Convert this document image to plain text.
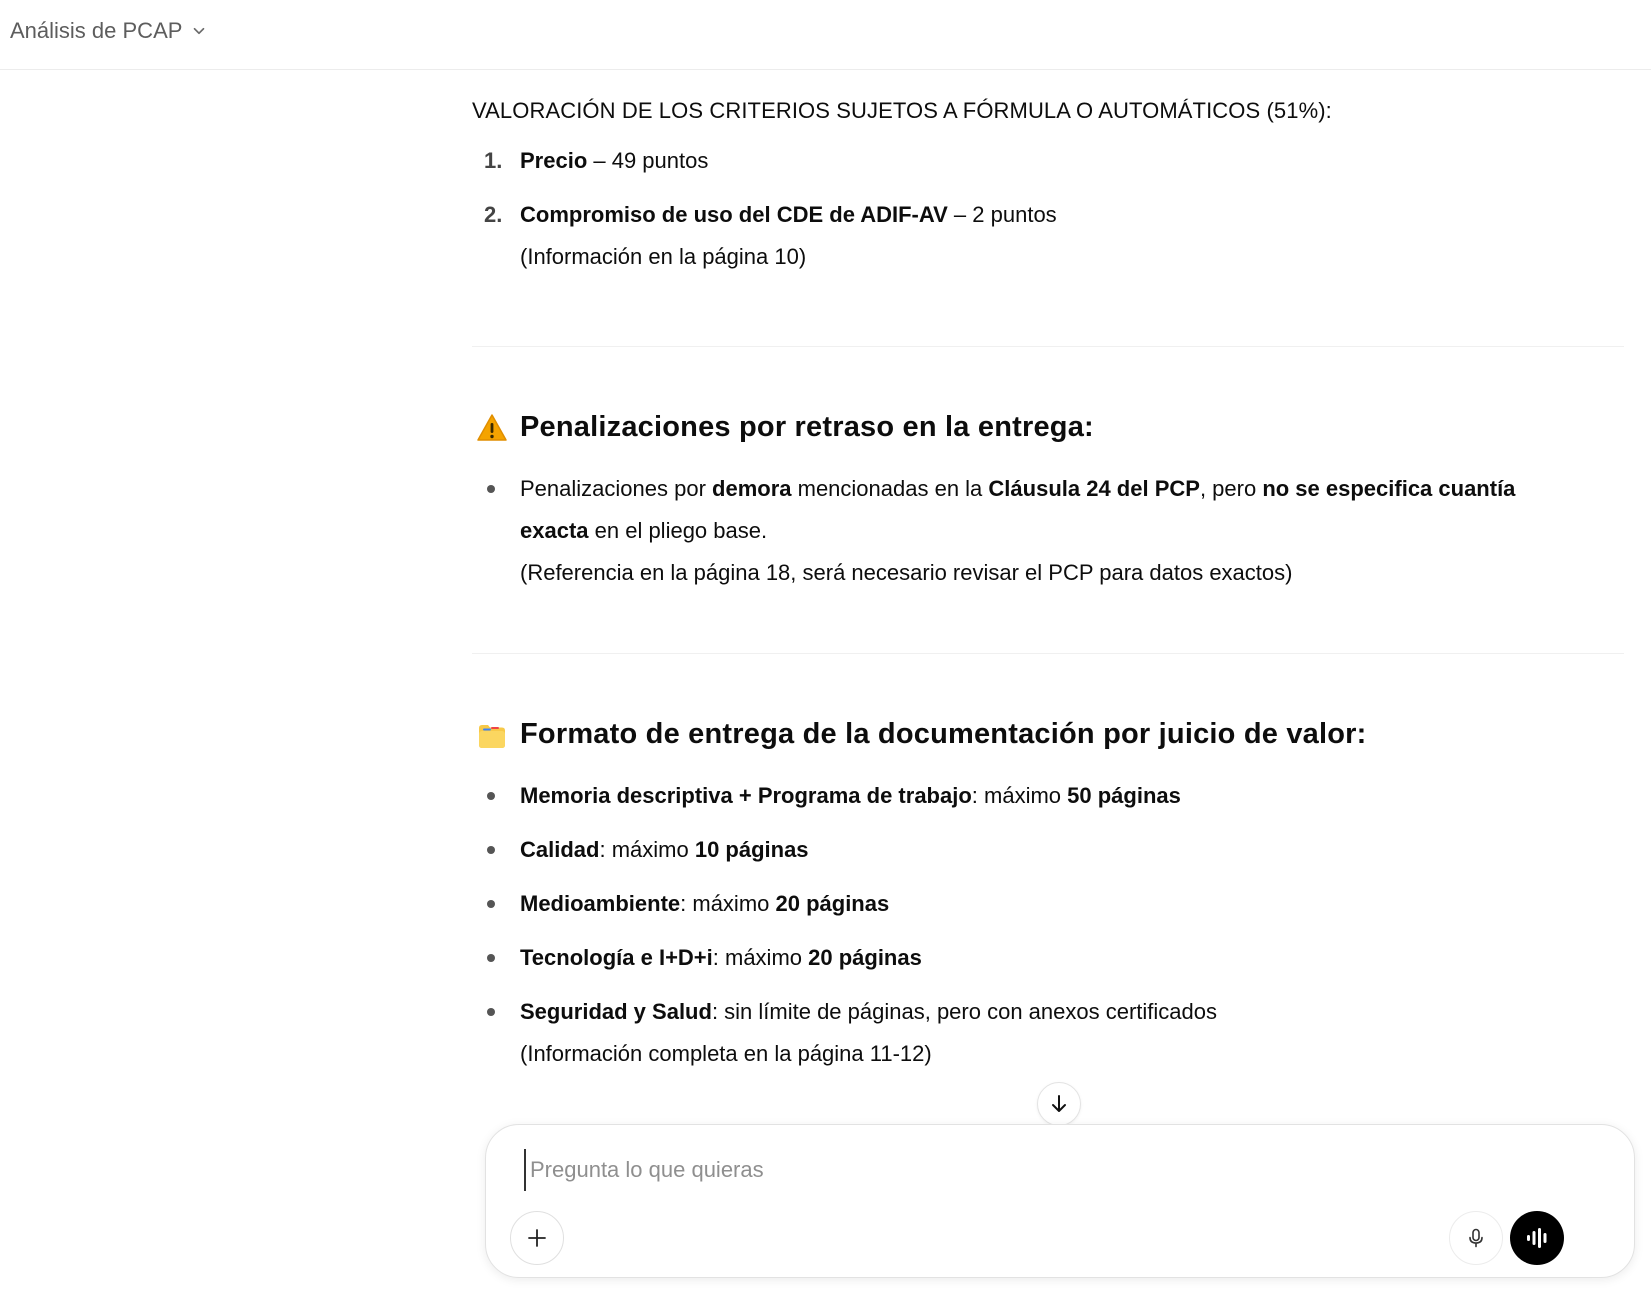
Análisis de PCAP
VALORACIÓN DE LOS CRITERIOS SUJETOS A FÓRMULA O AUTOMÁTICOS (51%):
1. Precio – 49 puntos
2. Compromiso de uso del CDE de ADIF-AV – 2 puntos
(Información en la página 10)
Penalizaciones por retraso en la entrega:
Penalizaciones por demora mencionadas en la Cláusula 24 del PCP, pero no se especifica cuantía exacta en el pliego base.
(Referencia en la página 18, será necesario revisar el PCP para datos exactos)
Formato de entrega de la documentación por juicio de valor:
Memoria descriptiva + Programa de trabajo: máximo 50 páginas
Calidad: máximo 10 páginas
Medioambiente: máximo 20 páginas
Tecnología e I+D+i: máximo 20 páginas
Seguridad y Salud: sin límite de páginas, pero con anexos certificados
(Información completa en la página 11-12)
Pregunta lo que quieras
